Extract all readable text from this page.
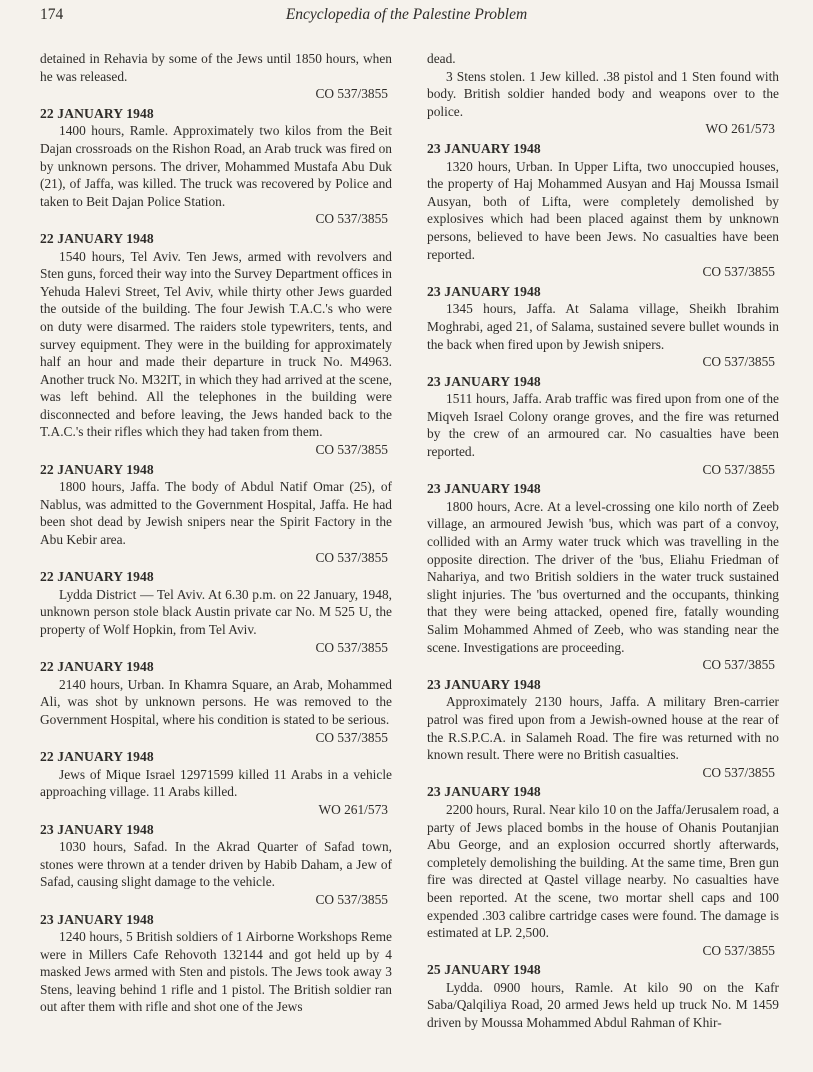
174	Encyclopedia of the Palestine Problem

detained in Rehavia by some of the Jews until 1850 hours, when he was released.

CO 537/3855

22 JANUARY 1948

1400 hours, Ramle. Approximately two kilos from the Beit Dajan crossroads on the Rishon Road, an Arab truck was fired on by unknown persons. The driver, Mohammed Mustafa Abu Duk (21), of Jaffa, was killed. The truck was recovered by Police and taken to Beit Dajan Police Station.

CO 537/3855

22 JANUARY 1948

1540 hours, Tel Aviv. Ten Jews, armed with revolvers and Sten guns, forced their way into the Survey Department offices in Yehuda Halevi Street, Tel Aviv, while thirty other Jews guarded the outside of the building. The four Jewish T.A.C.'s who were on duty were disarmed. The raiders stole typewriters, tents, and survey equipment. They were in the building for approximately half an hour and made their departure in truck No. M4963. Another truck No. M32IT, in which they had arrived at the scene, was left behind. All the telephones in the building were disconnected and before leaving, the Jews handed back to the T.A.C.'s their rifles which they had taken from them.

CO 537/3855

22 JANUARY 1948

1800 hours, Jaffa. The body of Abdul Natif Omar (25), of Nablus, was admitted to the Government Hospital, Jaffa. He had been shot dead by Jewish snipers near the Spirit Factory in the Abu Kebir area.

CO 537/3855

22 JANUARY 1948

Lydda District — Tel Aviv. At 6.30 p.m. on 22 January, 1948, unknown person stole black Austin private car No. M 525 U, the property of Wolf Hopkin, from Tel Aviv.

CO 537/3855

22 JANUARY 1948

2140 hours, Urban. In Khamra Square, an Arab, Mohammed Ali, was shot by unknown persons. He was removed to the Government Hospital, where his condition is stated to be serious.

CO 537/3855

22 JANUARY 1948

Jews of Mique Israel 12971599 killed 11 Arabs in a vehicle approaching village. 11 Arabs killed.

WO 261/573

23 JANUARY 1948

1030 hours, Safad. In the Akrad Quarter of Safad town, stones were thrown at a tender driven by Habib Daham, a Jew of Safad, causing slight damage to the vehicle.

CO 537/3855

23 JANUARY 1948

1240 hours, 5 British soldiers of 1 Airborne Workshops Reme were in Millers Cafe Rehovoth 132144 and got held up by 4 masked Jews armed with Sten and pistols. The Jews took away 3 Stens, leaving behind 1 rifle and 1 pistol. The British soldier ran out after them with rifle and shot one of the Jews

dead.

3 Stens stolen. 1 Jew killed. .38 pistol and 1 Sten found with body. British soldier handed body and weapons over to the police.

WO 261/573

23 JANUARY 1948

1320 hours, Urban. In Upper Lifta, two unoccupied houses, the property of Haj Mohammed Ausyan and Haj Moussa Ismail Ausyan, both of Lifta, were completely demolished by explosives which had been placed against them by unknown persons, believed to have been Jews. No casualties have been reported.

CO 537/3855

23 JANUARY 1948

1345 hours, Jaffa. At Salama village, Sheikh Ibrahim Moghrabi, aged 21, of Salama, sustained severe bullet wounds in the back when fired upon by Jewish snipers.

CO 537/3855

23 JANUARY 1948

1511 hours, Jaffa. Arab traffic was fired upon from one of the Miqveh Israel Colony orange groves, and the fire was returned by the crew of an armoured car. No casualties have been reported.

CO 537/3855

23 JANUARY 1948

1800 hours, Acre. At a level-crossing one kilo north of Zeeb village, an armoured Jewish 'bus, which was part of a convoy, collided with an Army water truck which was travelling in the opposite direction. The driver of the 'bus, Eliahu Friedman of Nahariya, and two British soldiers in the water truck sustained slight injuries. The 'bus overturned and the occupants, thinking that they were being attacked, opened fire, fatally wounding Salim Mohammed Ahmed of Zeeb, who was standing near the scene. Investigations are proceeding.

CO 537/3855

23 JANUARY 1948

Approximately 2130 hours, Jaffa. A military Bren-carrier patrol was fired upon from a Jewish-owned house at the rear of the R.S.P.C.A. in Salameh Road. The fire was returned with no known result. There were no British casualties.

CO 537/3855

23 JANUARY 1948

2200 hours, Rural. Near kilo 10 on the Jaffa/Jerusalem road, a party of Jews placed bombs in the house of Ohanis Poutanjian Abu George, and an explosion occurred shortly afterwards, completely demolishing the building. At the same time, Bren gun fire was directed at Qastel village nearby. No casualties have been reported. At the scene, two mortar shell caps and 100 expended .303 calibre cartridge cases were found. The damage is estimated at LP. 2,500.

CO 537/3855

25 JANUARY 1948

Lydda. 0900 hours, Ramle. At kilo 90 on the Kafr Saba/Qalqiliya Road, 20 armed Jews held up truck No. M 1459 driven by Moussa Mohammed Abdul Rahman of Khir-
